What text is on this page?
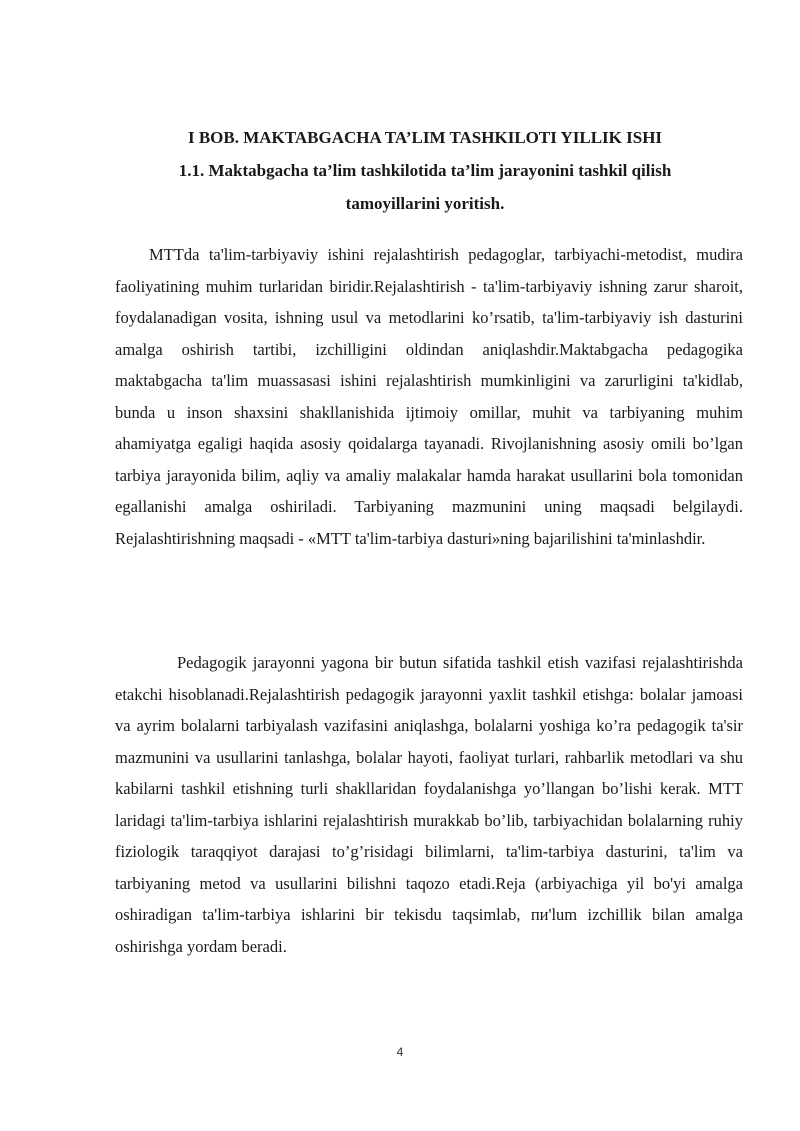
I BOB. MAKTABGACHA TA’LIM TASHKILOTI YILLIK ISHI
1.1. Maktabgacha ta’lim tashkilotida ta’lim jarayonini tashkil qilish
tamoyillarini yoritish.

MTTda ta'lim-tarbiyaviy ishini rejalashtirish pedagoglar, tarbiyachi-metodist, mudira faoliyatining muhim turlaridan biridir.Rejalashtirish - ta'lim-tarbiyaviy ishning zarur sharoit, foydalanadigan vosita, ishning usul va metodlarini ko’rsatib, ta'lim-tarbiyaviy ish dasturini amalga oshirish tartibi, izchilligini oldindan aniqlashdir.Maktabgacha pedagogika maktabgacha ta'lim muassasasi ishini rejalashtirish mumkinligini va zarurligini ta'kidlab, bunda u inson shaxsini shakllanishida ijtimoiy omillar, muhit va tarbiyaning muhim ahamiyatga egaligi haqida asosiy qoidalarga tayanadi. Rivojlanishning asosiy omili bo’lgan tarbiya jarayonida bilim, aqliy va amaliy malakalar hamda harakat usullarini bola tomonidan egallanishi amalga oshiriladi. Tarbiyaning mazmunini uning maqsadi belgilaydi. Rejalashtirishning maqsadi - «MTT ta'lim-tarbiya dasturi»ning bajarilishini ta'minlashdir.

Pedagogik jarayonni yagona bir butun sifatida tashkil etish vazifasi rejalashtirishda etakchi hisoblanadi.Rejalashtirish pedagogik jarayonni yaxlit tashkil etishga: bolalar jamoasi va ayrim bolalarni tarbiyalash vazifasini aniqlashga, bolalarni yoshiga ko’ra pedagogik ta'sir mazmunini va usullarini tanlashga, bolalar hayoti, faoliyat turlari, rahbarlik metodlari va shu kabilarni tashkil etishning turli shakllaridan foydalanishga yo’llangan bo’lishi kerak. MTT laridagi ta'lim-tarbiya ishlarini rejalashtirish murakkab bo’lib, tarbiyachidan bolalarning ruhiy fiziologik taraqqiyot darajasi to’g’risidagi bilimlarni, ta'lim-tarbiya dasturini, ta'lim va tarbiyaning metod va usullarini bilishni taqozo etadi.Reja (arbiyachiga yil bo'yi amalga oshiradigan ta'lim-tarbiya ishlarini bir tekisdu taqsimlab, пи'lum izchillik bilan amalga oshirishga yordam beradi.

4
